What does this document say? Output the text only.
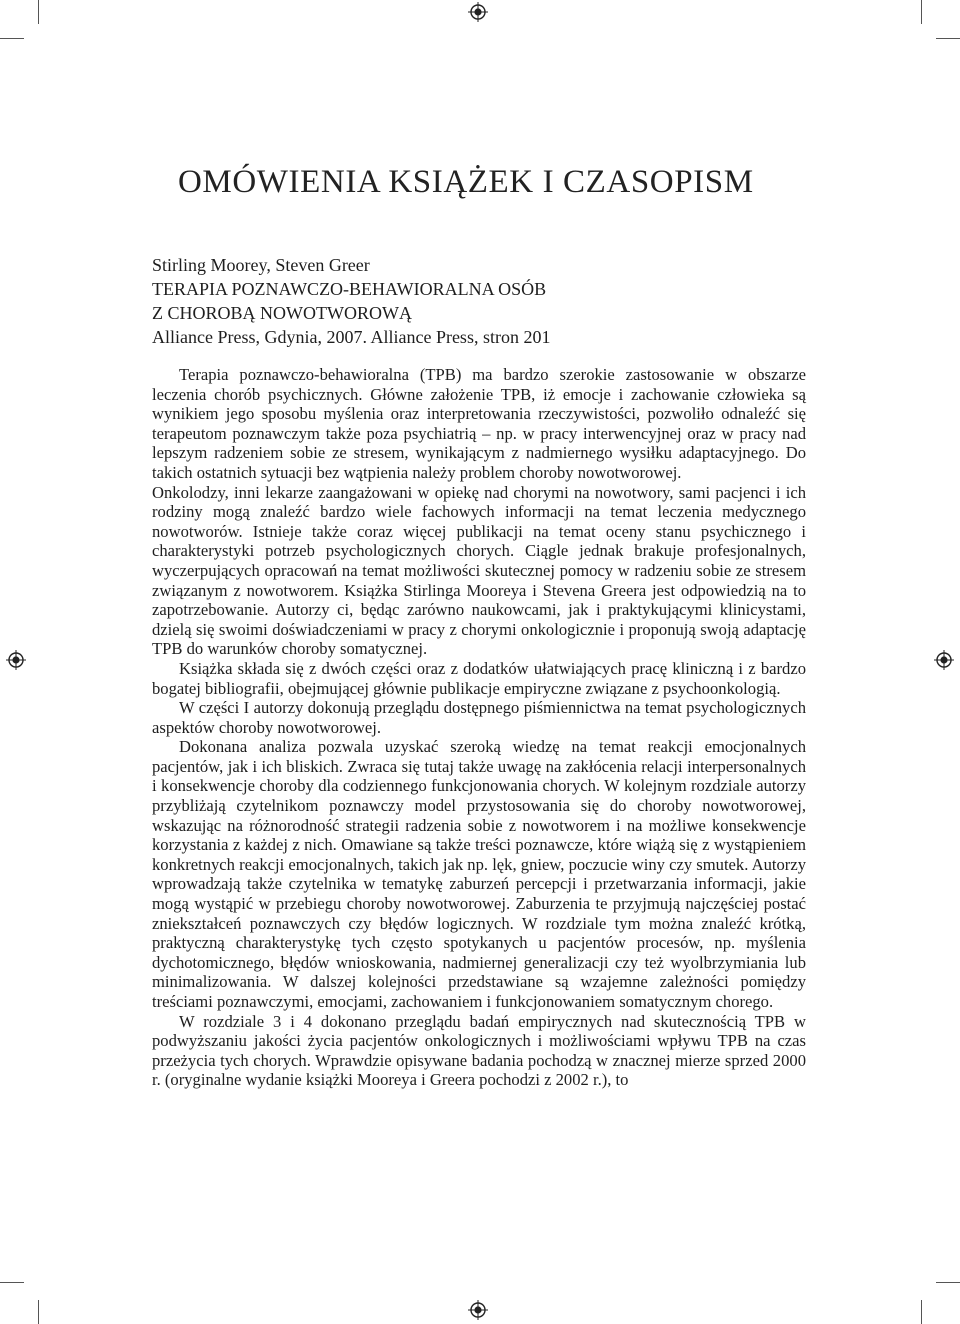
OMÓWIENIA KSIĄŻEK I CZASOPISM
Stirling Moorey, Steven Greer
TERAPIA POZNAWCZO-BEHAWIORALNA OSÓB
Z CHOROBĄ NOWOTWOROWĄ
Alliance Press, Gdynia, 2007. Alliance Press, stron 201

Terapia poznawczo-behawioralna (TPB) ma bardzo szerokie zastosowanie w obszarze leczenia chorób psychicznych. Główne założenie TPB, iż emocje i zachowanie człowieka są wynikiem jego sposobu myślenia oraz interpretowania rzeczywistości, pozwoliło odnaleźć się terapeutom poznawczym także poza psychiatrią – np. w pracy interwencyjnej oraz w pracy nad lepszym radzeniem sobie ze stresem, wynikającym z nadmiernego wysiłku adaptacyjnego. Do takich ostatnich sytuacji bez wątpienia należy problem choroby nowotworowej.

Onkolodzy, inni lekarze zaangażowani w opiekę nad chorymi na nowotwory, sami pacjenci i ich rodziny mogą znaleźć bardzo wiele fachowych informacji na temat leczenia medycznego nowotworów. Istnieje także coraz więcej publikacji na temat oceny stanu psychicznego i charakterystyki potrzeb psychologicznych chorych. Ciągle jednak brakuje profesjonalnych, wyczerpujących opracowań na temat możliwości skutecznej pomocy w radzeniu sobie ze stresem związanym z nowotworem. Książka Stirlinga Mooreya i Stevena Greera jest odpowiedzią na to zapotrzebowanie. Autorzy ci, będąc zarówno naukowcami, jak i praktykującymi klinicystami, dzielą się swoimi doświadczeniami w pracy z chorymi onkologicznie i proponują swoją adaptację TPB do warunków choroby somatycznej.

Książka składa się z dwóch części oraz z dodatków ułatwiających pracę kliniczną i z bardzo bogatej bibliografii, obejmującej głównie publikacje empiryczne związane z psychoonkologią.

W części I autorzy dokonują przeglądu dostępnego piśmiennictwa na temat psychologicznych aspektów choroby nowotworowej.

Dokonana analiza pozwala uzyskać szeroką wiedzę na temat reakcji emocjonalnych pacjentów, jak i ich bliskich. Zwraca się tutaj także uwagę na zakłócenia relacji interpersonalnych i konsekwencje choroby dla codziennego funkcjonowania chorych. W kolejnym rozdziale autorzy przybliżają czytelnikom poznawczy model przystosowania się do choroby nowotworowej, wskazując na różnorodność strategii radzenia sobie z nowotworem i na możliwe konsekwencje korzystania z każdej z nich. Omawiane są także treści poznawcze, które wiążą się z wystąpieniem konkretnych reakcji emocjonalnych, takich jak np. lęk, gniew, poczucie winy czy smutek. Autorzy wprowadzają także czytelnika w tematykę zaburzeń percepcji i przetwarzania informacji, jakie mogą wystąpić w przebiegu choroby nowotworowej. Zaburzenia te przyjmują najczęściej postać zniekształceń poznawczych czy błędów logicznych. W rozdziale tym można znaleźć krótką, praktyczną charakterystykę tych często spotykanych u pacjentów procesów, np. myślenia dychotomicznego, błędów wnioskowania, nadmiernej generalizacji czy też wyolbrzymiania lub minimalizowania. W dalszej kolejności przedstawiane są wzajemne zależności pomiędzy treściami poznawczymi, emocjami, zachowaniem i funkcjonowaniem somatycznym chorego.

W rozdziale 3 i 4 dokonano przeglądu badań empirycznych nad skutecznością TPB w podwyższaniu jakości życia pacjentów onkologicznych i możliwościami wpływu TPB na czas przeżycia tych chorych. Wprawdzie opisywane badania pochodzą w znacznej mierze sprzed 2000 r. (oryginalne wydanie książki Mooreya i Greera pochodzi z 2002 r.), to
